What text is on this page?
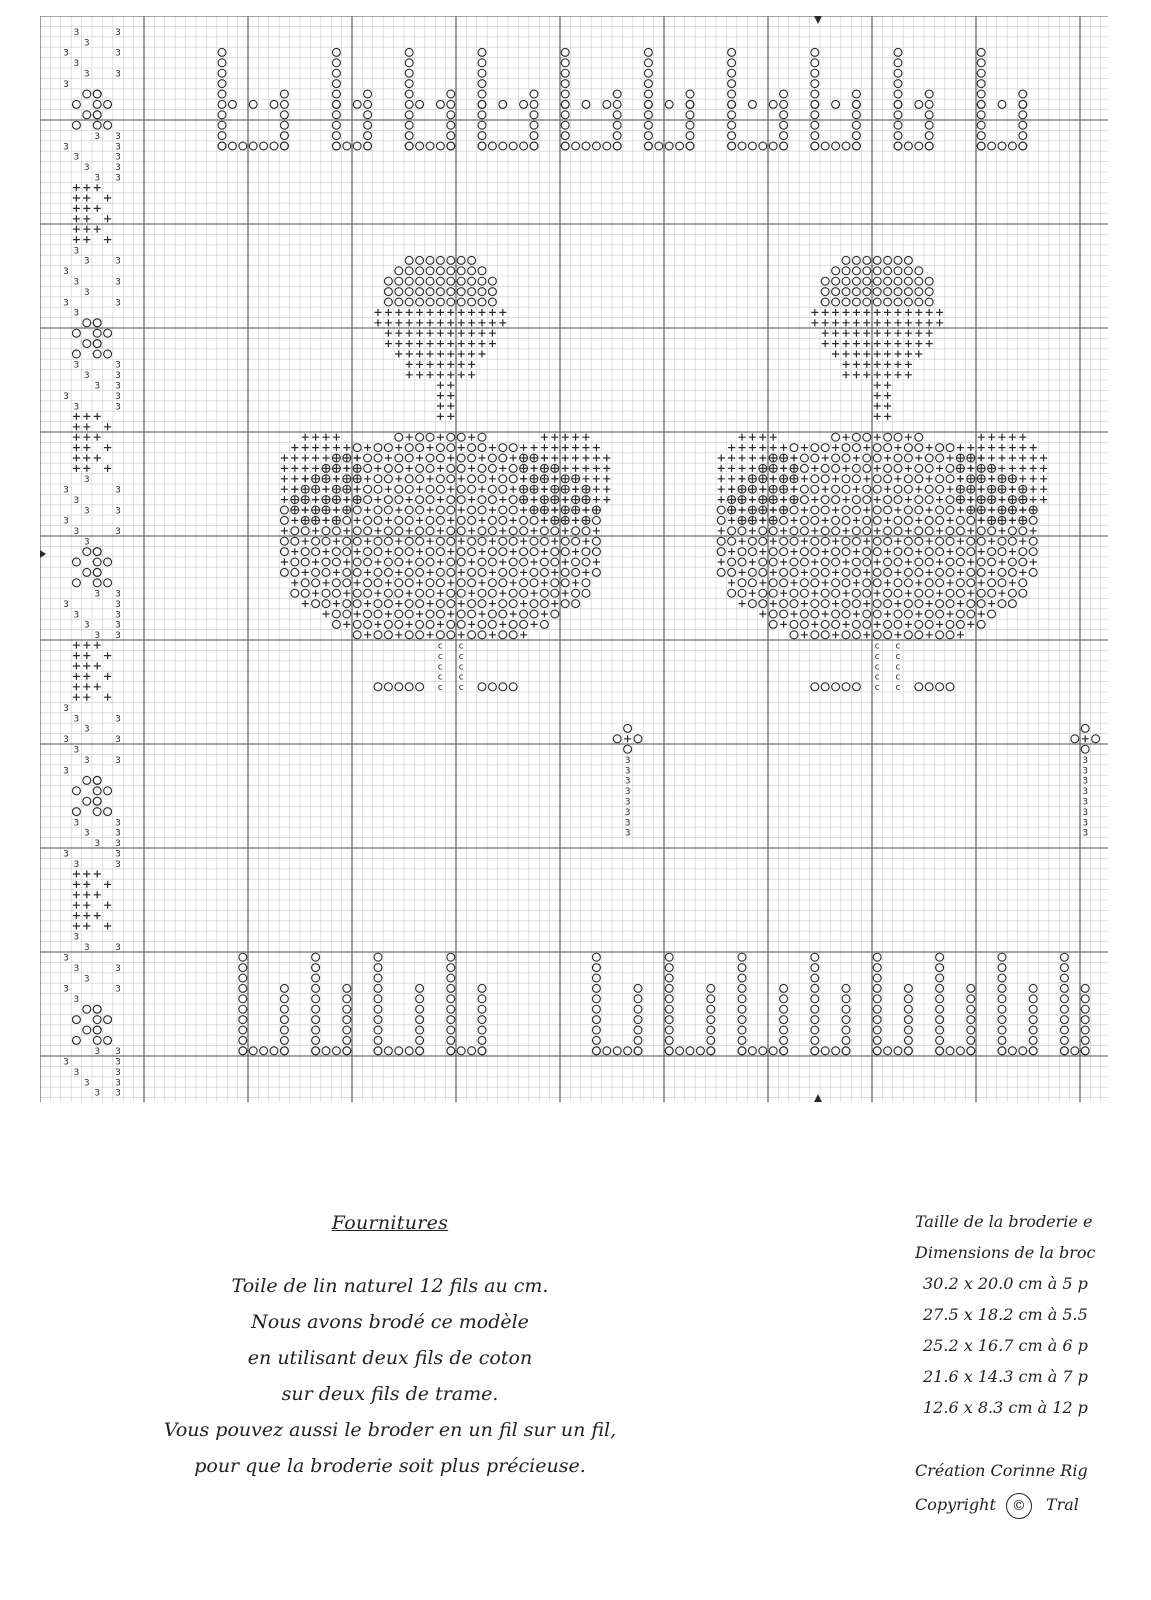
3	3
3
3	3
3
3	3
3
3 3
3	3
3	3
3	3
3 3
3
3	3
3
3	3
3
3	3
3
3	3
3	3
3 3
3	3
3	3
3
3	3
3
3	3
3
3	3
3
3 3
3	3
3	3
3	3
3 3
3
3	3
3
3	3
3
3	3
3
3	3
3	3
3 3
3	3
3	3
3
3	3
3
3	3
3
3	3
3
3 3
3	3
3	3
3	3
3 3
c c
c c
c c
c c
c c
c c
c c
c c
c c
c c
3
3
3
3
3
3
3
3
3
3
3
3
3
3
3
3
Fournitures

Toile de lin naturel 12 fils au cm.

Nous avons brodé ce modèle

en utilisant deux fils de coton

sur deux fils de trame.

Vous pouvez aussi le broder en un fil sur un fil,

pour que la broderie soit plus précieuse.

Taille de la broderie e

Dimensions de la broc

30.2 x 20.0 cm à 5 p

27.5 x 18.2 cm à 5.5

25.2 x 16.7 cm à 6 p

21.6 x 14.3 cm à 7 p

12.6 x 8.3 cm à 12 p

Création Corinne Rig

Copyright © Tral
